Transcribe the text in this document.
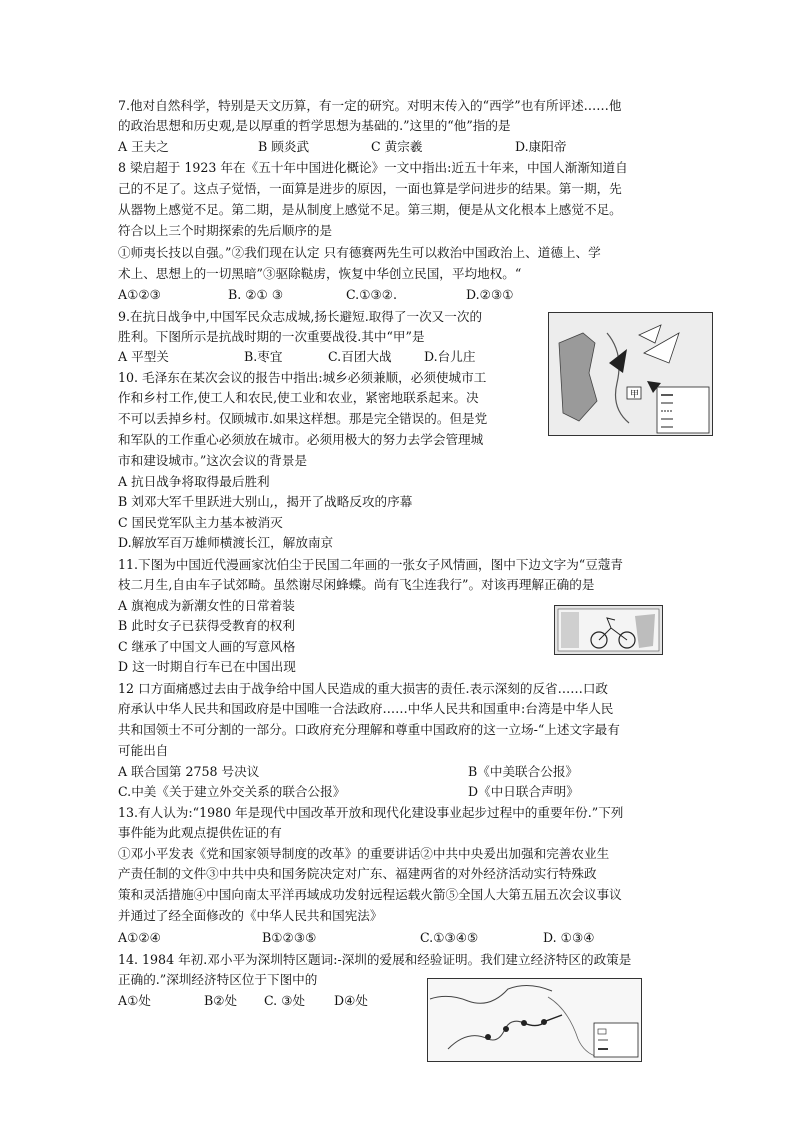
7.他对自然科学，特别是天文历算，有一定的研究。对明末传入的“西学”也有所评述……他
的政治思想和历史观,是以厚重的哲学思想为基础的.”这里的“他”指的是
A 王夫之	B 顾炎武	C 黄宗羲	D.康阳帝
8 梁启超于 1923 年在《五十年中国进化概论》一文中指出:近五十年来，中国人渐渐知道自
己的不足了。这点子觉悟，一面算是进步的原因，一面也算是学问进步的结果。第一期，先
从器物上感觉不足。第二期，是从制度上感觉不足。第三期，便是从文化根本上感觉不足。
符合以上三个时期探索的先后顺序的是
①师夷长技以自强。”②我们现在认定 只有德赛两先生可以救治中国政治上、道德上、学
术上、思想上的一切黑暗”③驱除鞑虏，恢复中华创立民国，平均地权。“
A①②③	B. ②① ③	C.①③②.	D.②③①
9.在抗日战争中,中国军民众志成城,扬长避短.取得了一次又一次的
胜利。下图所示是抗战时期的一次重要战役.其中“甲”是
A 平型关	B.枣宜	C.百团大战	D.台儿庄
甲
10. 毛泽东在某次会议的报告中指出:城乡必须兼顺，必须使城市工
作和乡村工作,使工人和农民,使工业和农业，紧密地联系起来。决
不可以丢掉乡村。仅顾城市.如果这样想。那是完全错误的。但是党
和军队的工作重心必须放在城市。必须用极大的努力去学会管理城
市和建设城市。”这次会议的背景是
A 抗日战争将取得最后胜利
B 刘邓大军千里跃进大别山,，揭开了战略反攻的序幕
C 国民党军队主力基本被消灭
D.解放军百万雄师横渡长江，解放南京
11.下图为中国近代漫画家沈伯尘于民国二年画的一张女子风情画，图中下边文字为“豆蔻青
枝二月生,自由车子试郊畸。虽然谢尽闲蜂蝶。尚有飞尘连我行”。对该再理解正确的是
A 旗袍成为新潮女性的日常着装
B 此时女子已获得受教育的权利
C 继承了中国文人画的写意风格
D 这一时期自行车已在中国出现
12 口方面痛感过去由于战争给中国人民造成的重大损害的责任.表示深刻的反省……口政
府承认中华人民共和国政府是中国唯一合法政府……中华人民共和国重申:台湾是中华人民
共和国领士不可分割的一部分。口政府充分理解和尊重中国政府的这一立场-“上述文字最有
可能出自
A 联合国第 2758 号决议	B《中美联合公报》
C.中美《关于建立外交关系的联合公报》	D《中日联合声明》
13.有人认为:“1980 年是现代中国改革开放和现代化建设事业起步过程中的重要年份.”下列
事件能为此观点提供佐证的有
①邓小平发表《党和国家领导制度的改革》的重要讲话②中共中央爰出加强和完善农业生
产责任制的文件③中共中央和国务院决定对广东、福建两省的对外经济活动实行特殊政
策和灵活措施④中国向南太平洋再域成功发射远程运载火箭⑤全国人大第五届五次会议事议
并通过了经全面修改的《中华人民共和国宪法》
A①②④	B①②③⑤	C.①③④⑤	D. ①③④
14. 1984 年初.邓小平为深圳特区题词:-深圳的爱展和经验证明。我们建立经济特区的政策是
正确的.”深圳经济特区位于下图中的
A①处	B②处 C. ③处 D④处
